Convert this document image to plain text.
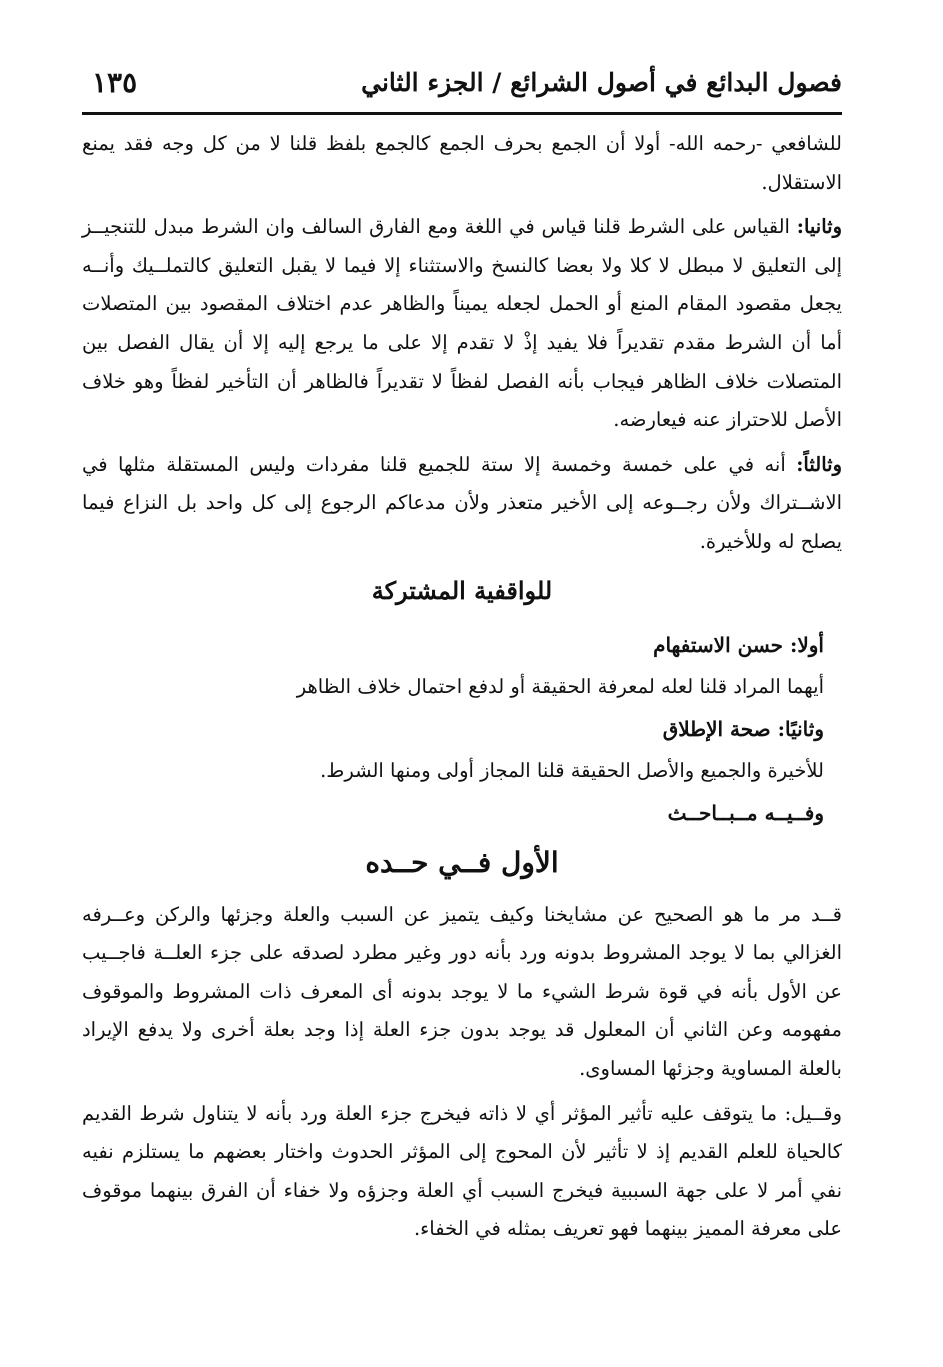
فصول البدائع في أصول الشرائع / الجزء الثاني
١٣٥

للشافعي -رحمه الله- أولا أن الجمع بحرف الجمع كالجمع بلفظ قلنا لا من كل وجه فقد يمنع الاستقلال.

وثانيا: القياس على الشرط قلنا قياس في اللغة ومع الفارق السالف وان الشرط مبدل للتنجيــز إلى التعليق لا مبطل لا كلا ولا بعضا كالنسخ والاستثناء إلا فيما لا يقبل التعليق كالتملــيك وأنــه يجعل مقصود المقام المنع أو الحمل لجعله يميناً والظاهر عدم اختلاف المقصود بين المتصلات أما أن الشرط مقدم تقديراً فلا يفيد إذْ لا تقدم إلا على ما يرجع إليه إلا أن يقال الفصل بين المتصلات خلاف الظاهر فيجاب بأنه الفصل لفظاً لا تقديراً فالظاهر أن التأخير لفظاً وهو خلاف الأصل للاحتراز عنه فيعارضه.

وثالثاً: أنه في على خمسة وخمسة إلا ستة للجميع قلنا مفردات وليس المستقلة مثلها في الاشــتراك ولأن رجــوعه إلى الأخير متعذر ولأن مدعاكم الرجوع إلى كل واحد بل النزاع فيما يصلح له وللأخيرة.

للواقفية المشتركة
أولا: حسن الاستفهام
أيهما المراد قلنا لعله لمعرفة الحقيقة أو لدفع احتمال خلاف الظاهر
وثانيًا: صحة الإطلاق
للأخيرة والجميع والأصل الحقيقة قلنا المجاز أولى ومنها الشرط.
وفــيــه مــبــاحــث
الأول فــي حــده

قــد مر ما هو الصحيح عن مشايخنا وكيف يتميز عن السبب والعلة وجزئها والركن وعــرفه الغزالي بما لا يوجد المشروط بدونه ورد بأنه دور وغير مطرد لصدقه على جزء العلــة فاجــيب عن الأول بأنه في قوة شرط الشيء ما لا يوجد بدونه أى المعرف ذات المشروط والموقوف مفهومه وعن الثاني أن المعلول قد يوجد بدون جزء العلة إذا وجد بعلة أخرى ولا يدفع الإيراد بالعلة المساوية وجزئها المساوى.

وقــيل: ما يتوقف عليه تأثير المؤثر أي لا ذاته فيخرج جزء العلة ورد بأنه لا يتناول شرط القديم كالحياة للعلم القديم إذ لا تأثير لأن المحوج إلى المؤثر الحدوث واختار بعضهم ما يستلزم نفيه نفي أمر لا على جهة السببية فيخرج السبب أي العلة وجزؤه ولا خفاء أن الفرق بينهما موقوف على معرفة المميز بينهما فهو تعريف بمثله في الخفاء.
